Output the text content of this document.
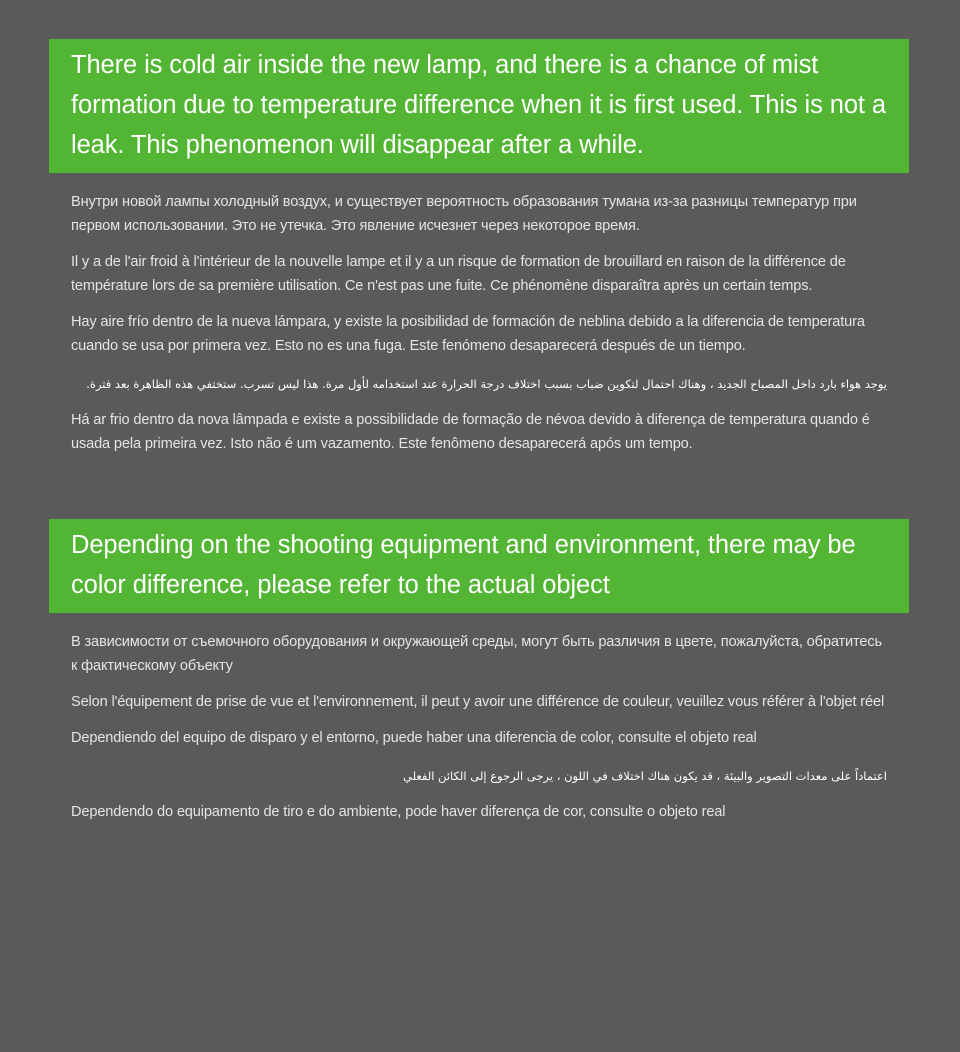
There is cold air inside the new lamp, and there is a chance of mist formation due to temperature difference when it is first used. This is not a leak. This phenomenon will disappear after a while.
Внутри новой лампы холодный воздух, и существует вероятность образования тумана из-за разницы температур при первом использовании. Это не утечка. Это явление исчезнет через некоторое время.
Il y a de l'air froid à l'intérieur de la nouvelle lampe et il y a un risque de formation de brouillard en raison de la différence de température lors de sa première utilisation. Ce n'est pas une fuite. Ce phénomène disparaîtra après un certain temps.
Hay aire frío dentro de la nueva lámpara, y existe la posibilidad de formación de neblina debido a la diferencia de temperatura cuando se usa por primera vez. Esto no es una fuga. Este fenómeno desaparecerá después de un tiempo.
يوجد هواء بارد داخل المصباح الجديد ، وهناك احتمال لتكوين ضباب بسبب اختلاف درجة الحرارة عند استخدامه لأول مرة. هذا ليس تسرب. ستختفي هذه الظاهرة بعد فترة.
Há ar frio dentro da nova lâmpada e existe a possibilidade de formação de névoa devido à diferença de temperatura quando é usada pela primeira vez. Isto não é um vazamento. Este fenômeno desaparecerá após um tempo.
Depending on the shooting equipment and environment, there may be color difference, please refer to the actual object
В зависимости от съемочного оборудования и окружающей среды, могут быть различия в цвете, пожалуйста, обратитесь к фактическому объекту
Selon l'équipement de prise de vue et l'environnement, il peut y avoir une différence de couleur, veuillez vous référer à l'objet réel
Dependiendo del equipo de disparo y el entorno, puede haber una diferencia de color, consulte el objeto real
اعتماداً على معدات التصوير والبيئة ، قد يكون هناك اختلاف في اللون ، يرجى الرجوع إلى الكائن الفعلي
Dependendo do equipamento de tiro e do ambiente, pode haver diferença de cor, consulte o objeto real
